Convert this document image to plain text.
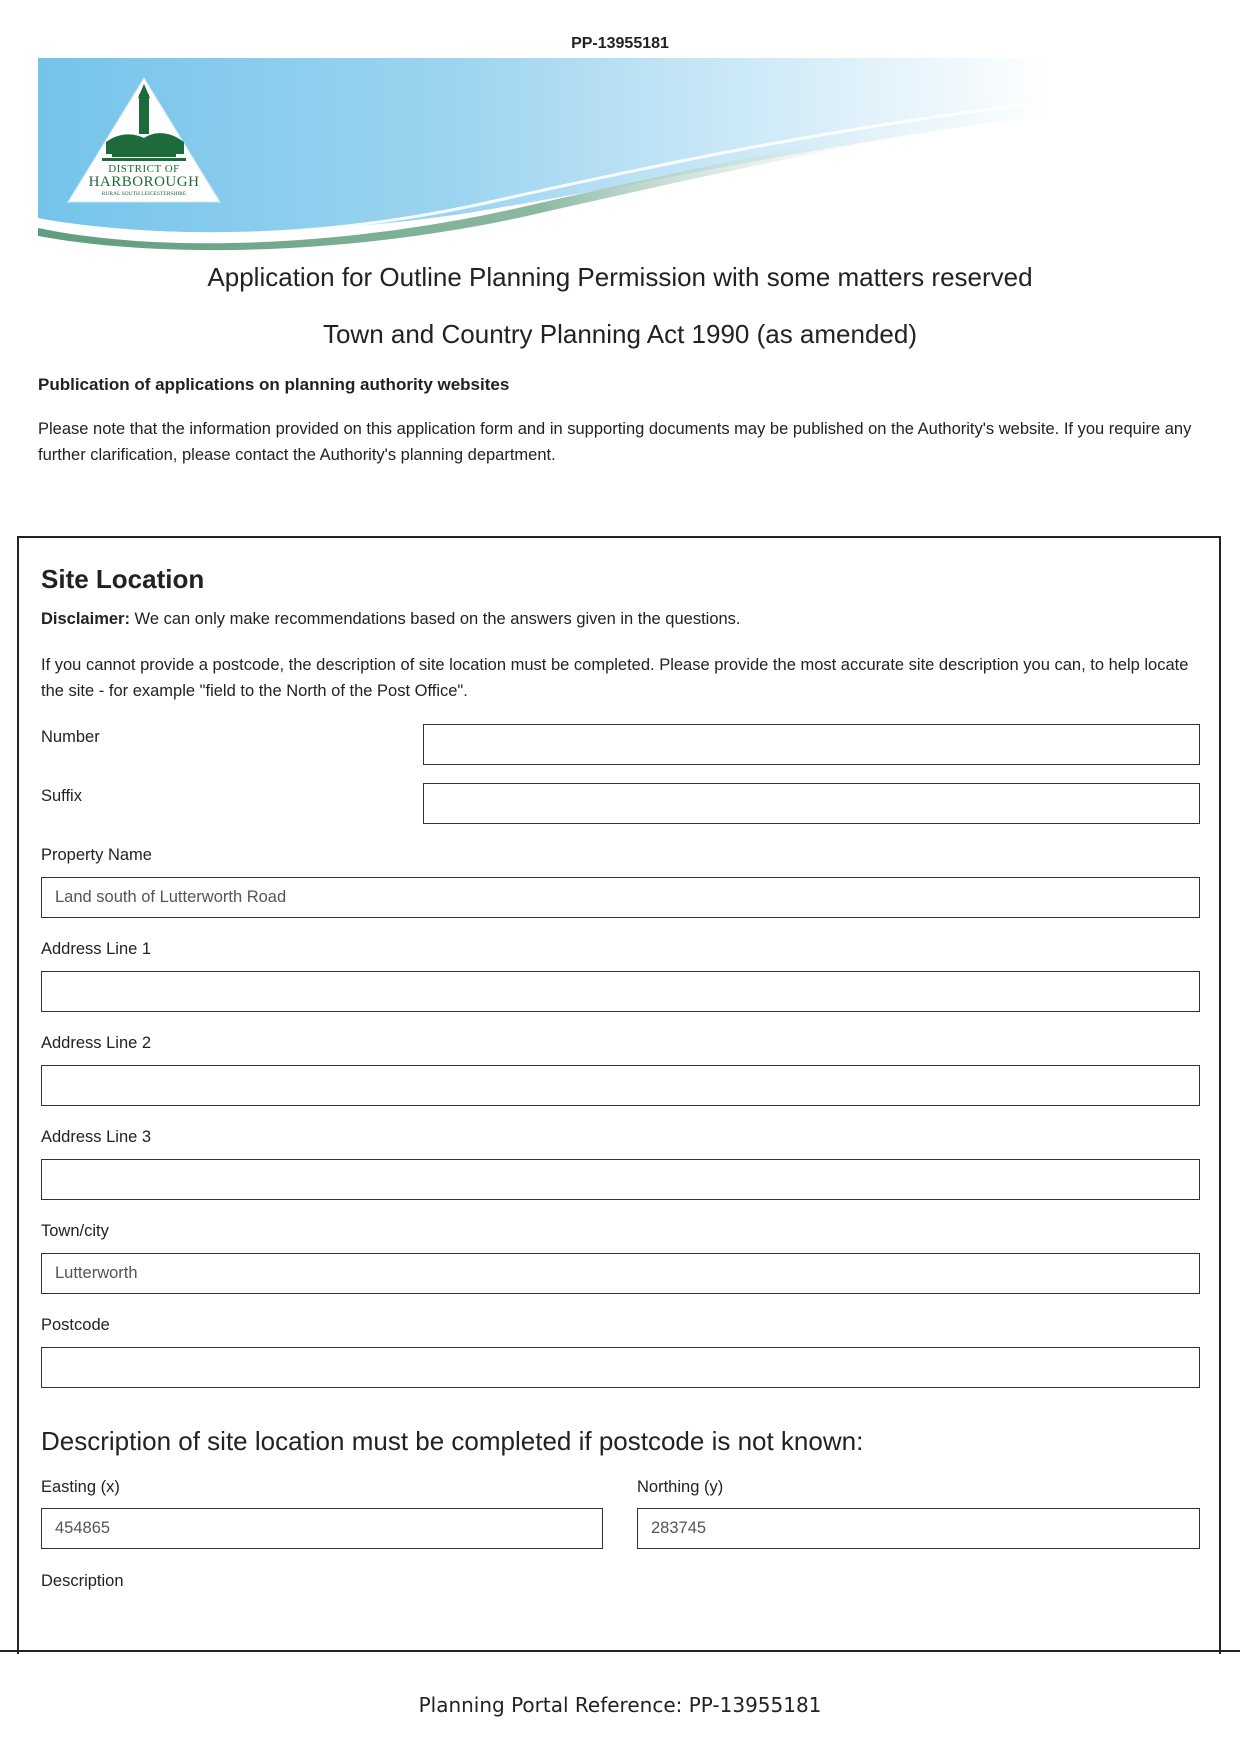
PP-13955181
DISTRICT OF
HARBOROUGH
RURAL SOUTH LEICESTERSHIRE
Application for Outline Planning Permission with some matters reserved
Town and Country Planning Act 1990 (as amended)
Publication of applications on planning authority websites
Please note that the information provided on this application form and in supporting documents may be published on the Authority's website. If you require any further clarification, please contact the Authority's planning department.
Site Location
Disclaimer: We can only make recommendations based on the answers given in the questions.
If you cannot provide a postcode, the description of site location must be completed. Please provide the most accurate site description you can, to help locate the site - for example "field to the North of the Post Office".
Number
Suffix
Property Name
Land south of Lutterworth Road
Address Line 1
Address Line 2
Address Line 3
Town/city
Lutterworth
Postcode
Description of site location must be completed if postcode is not known:
Easting (x)
454865
Northing (y)
283745
Description
Planning Portal Reference: PP-13955181
